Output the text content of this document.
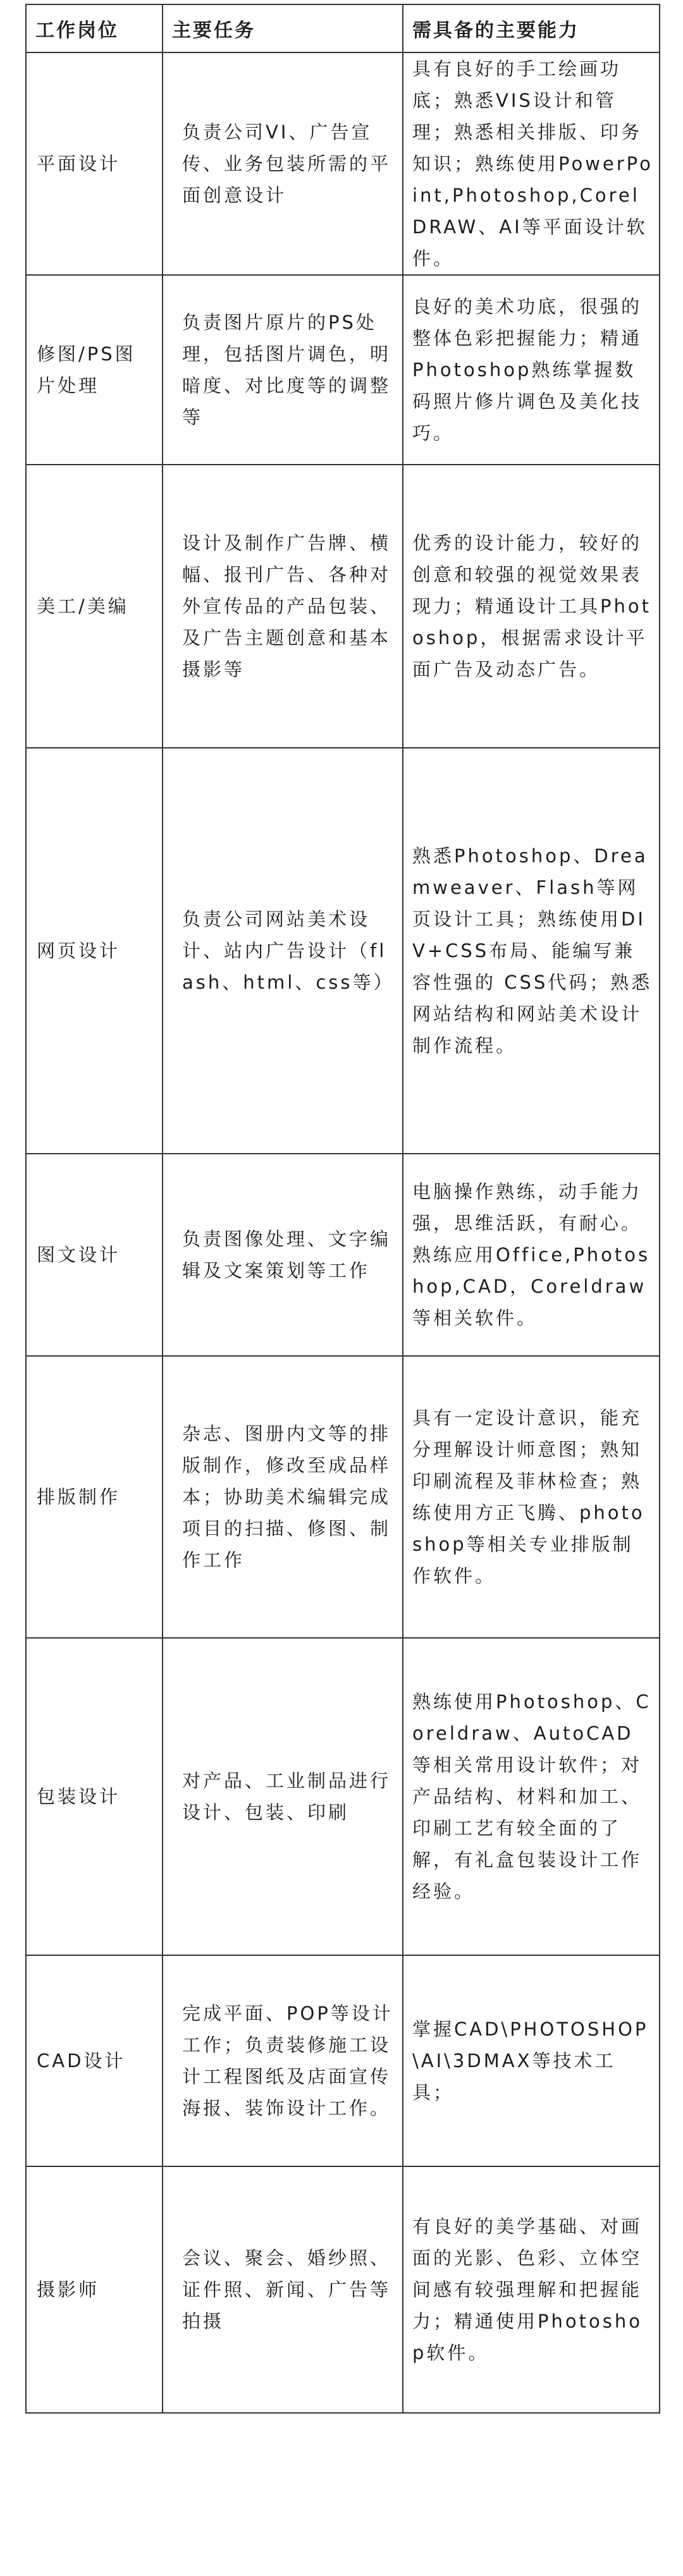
工作岗位	主要任务	需具备的主要能力
平面设计	负责公司VI、广告宣传、业务包装所需的平面创意设计	具有良好的手工绘画功底；熟悉VIS设计和管理；熟悉相关排版、印务知识；熟练使用PowerPoint,Photoshop,CorelDRAW、AI等平面设计软件。
修图/PS图片处理	负责图片原片的PS处理，包括图片调色，明暗度、对比度等的调整等	良好的美术功底，很强的整体色彩把握能力；精通Photoshop熟练掌握数码照片修片调色及美化技巧。
美工/美编	设计及制作广告牌、横幅、报刊广告、各种对外宣传品的产品包装、及广告主题创意和基本摄影等	优秀的设计能力，较好的创意和较强的视觉效果表现力；精通设计工具Photoshop，根据需求设计平面广告及动态广告。
网页设计	负责公司网站美术设计、站内广告设计（flash、html、css等）	熟悉Photoshop、Dreamweaver、Flash等网页设计工具；熟练使用DIV+CSS布局、能编写兼容性强的 CSS代码；熟悉网站结构和网站美术设计制作流程。
图文设计	负责图像处理、文字编辑及文案策划等工作	电脑操作熟练，动手能力强，思维活跃，有耐心。熟练应用Office,Photoshop,CAD，Coreldraw等相关软件。
排版制作	杂志、图册内文等的排版制作，修改至成品样本；协助美术编辑完成项目的扫描、修图、制作工作	具有一定设计意识，能充分理解设计师意图；熟知印刷流程及菲林检查；熟练使用方正飞腾、photoshop等相关专业排版制作软件。
包装设计	对产品、工业制品进行设计、包装、印刷	熟练使用Photoshop、Coreldraw、AutoCAD等相关常用设计软件；对产品结构、材料和加工、印刷工艺有较全面的了解，有礼盒包装设计工作经验。
CAD设计	完成平面、POP等设计工作；负责装修施工设计工程图纸及店面宣传海报、装饰设计工作。	掌握CAD\PHOTOSHOP\AI\3DMAX等技术工具；
摄影师	会议、聚会、婚纱照、证件照、新闻、广告等拍摄	有良好的美学基础、对画面的光影、色彩、立体空间感有较强理解和把握能力；精通使用Photoshop软件。
